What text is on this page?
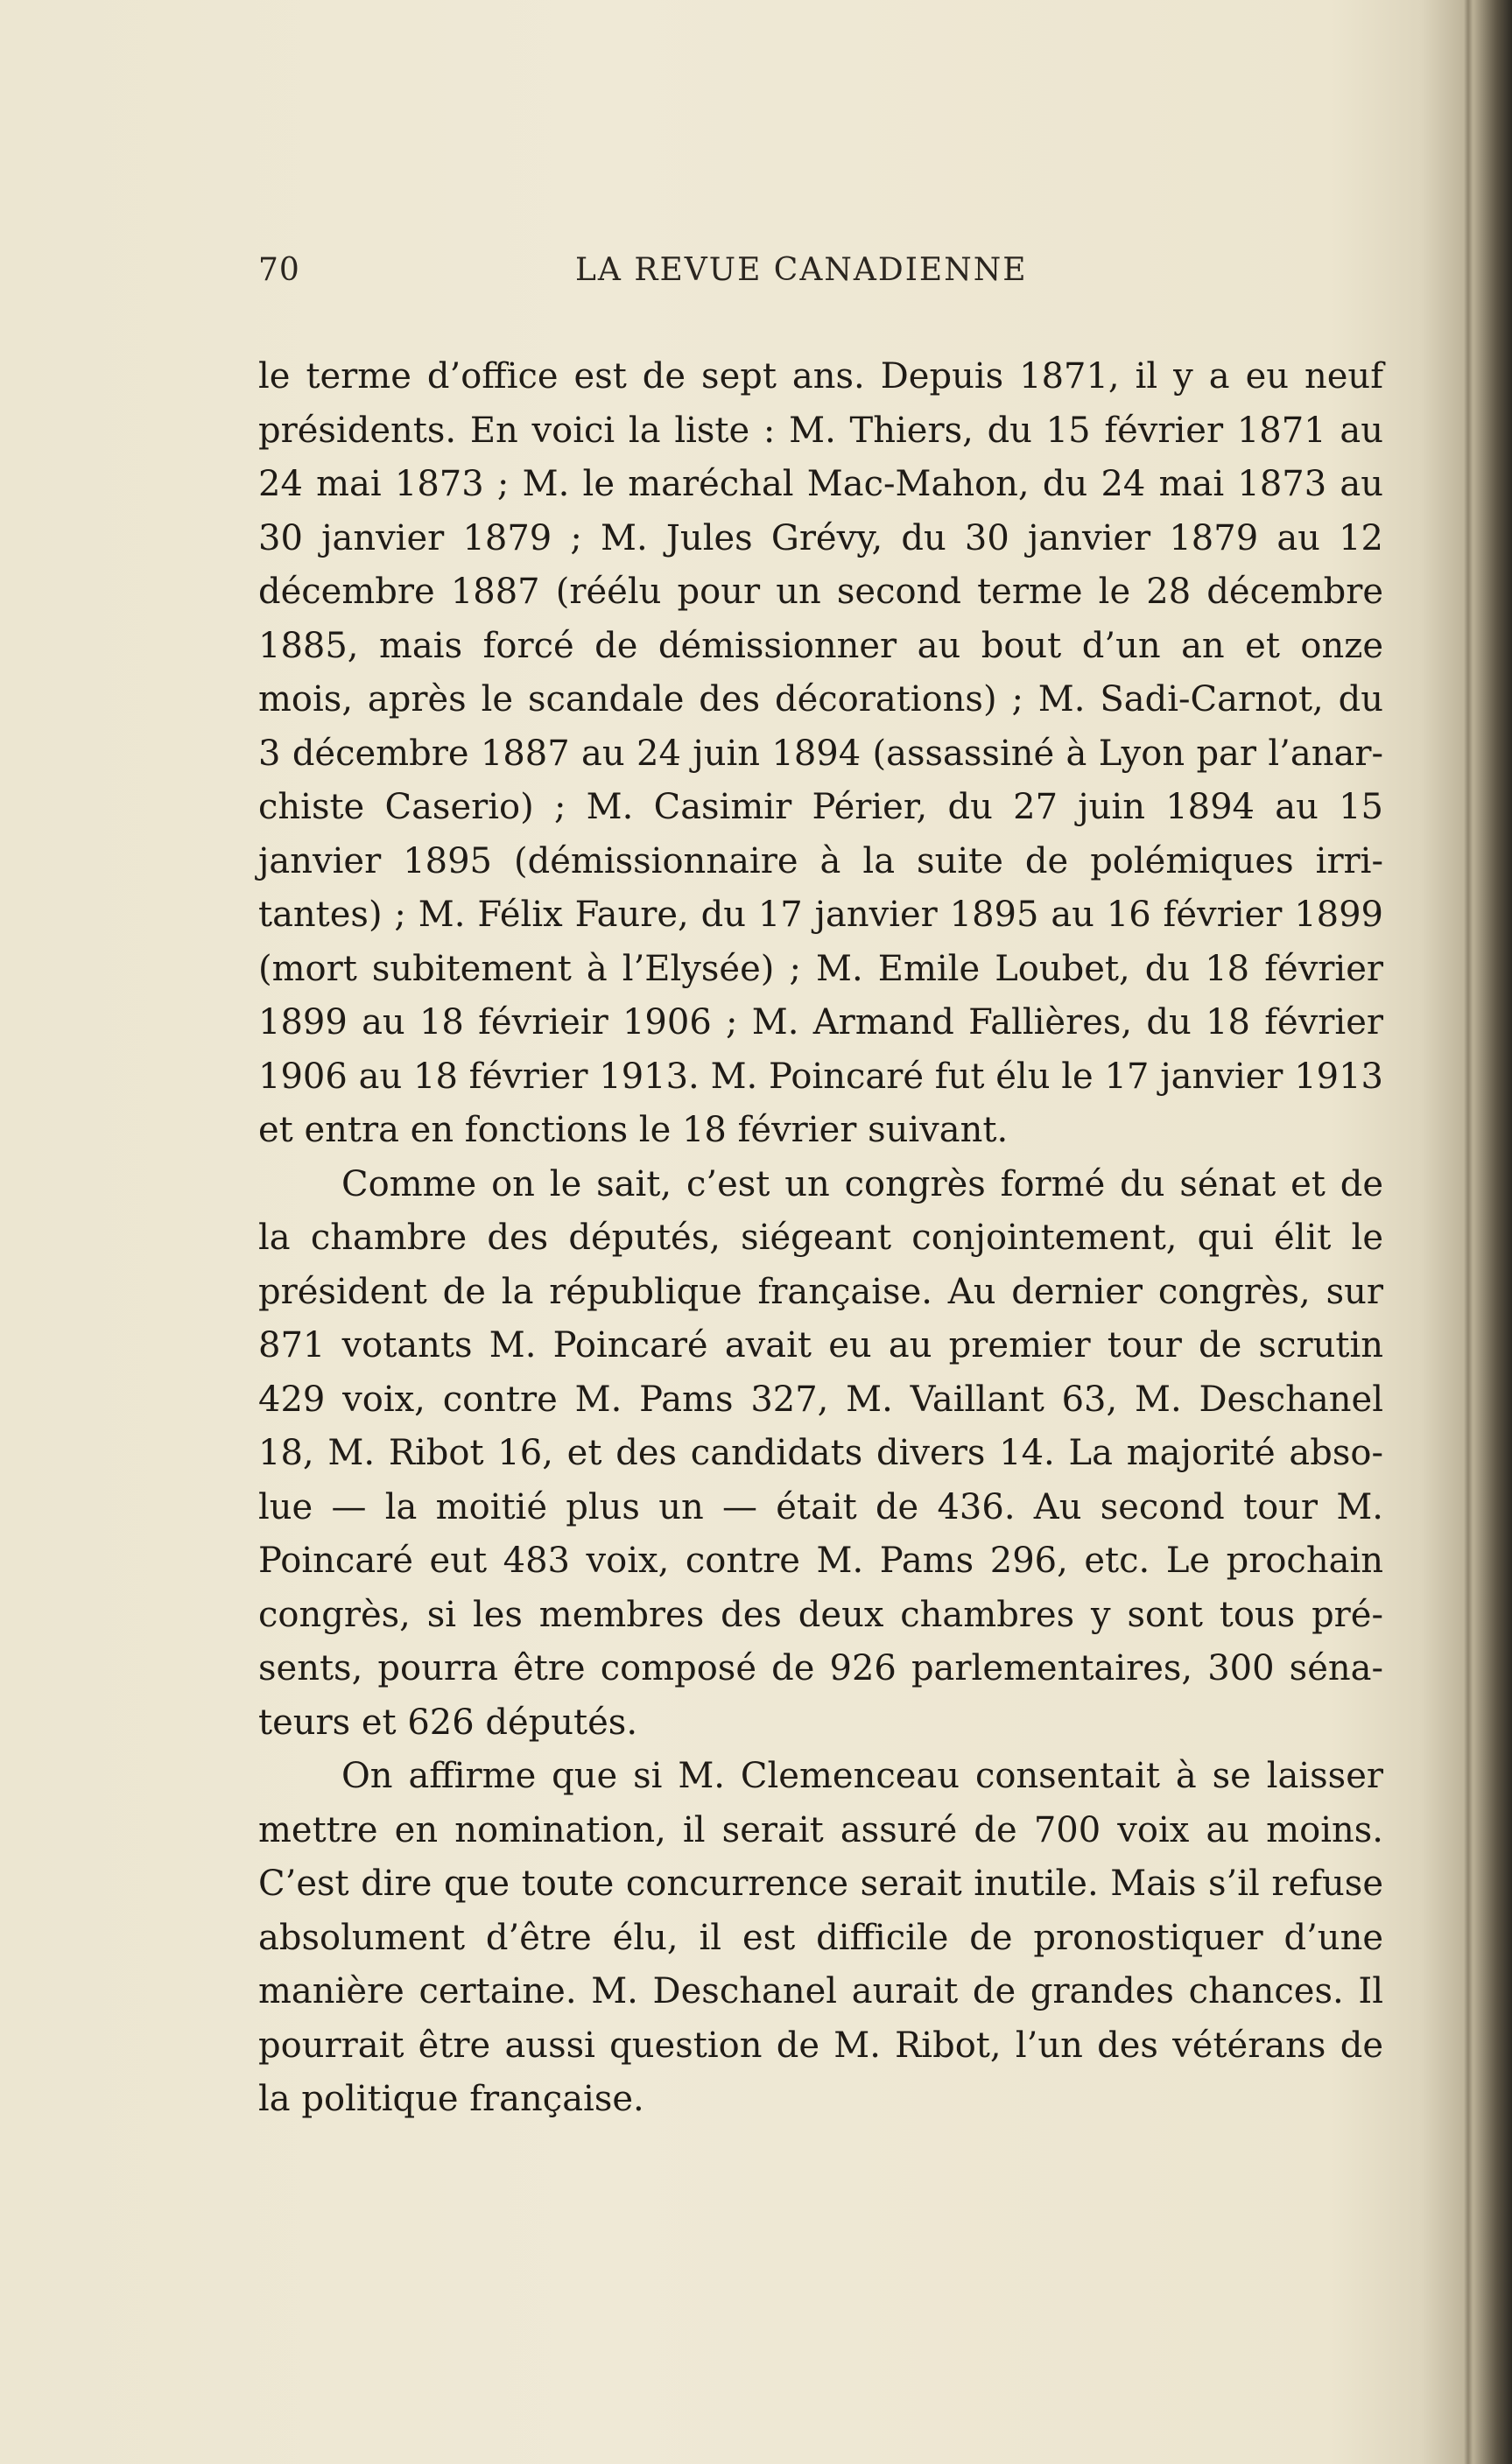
70	LA REVUE CANADIENNE

le terme d’office est de sept ans. Depuis 1871, il y a eu neuf présidents. En voici la liste : M. Thiers, du 15 février 1871 au 24 mai 1873 ; M. le maréchal Mac-Mahon, du 24 mai 1873 au 30 janvier 1879 ; M. Jules Grévy, du 30 janvier 1879 au 12 décembre 1887 (réélu pour un second terme le 28 décembre 1885, mais forcé de démissionner au bout d’un an et onze mois, après le scandale des décorations) ; M. Sadi-Carnot, du 3 décembre 1887 au 24 juin 1894 (assassiné à Lyon par l’anarchiste Caserio) ; M. Casimir Périer, du 27 juin 1894 au 15 janvier 1895 (démissionnaire à la suite de polémiques irritantes) ; M. Félix Faure, du 17 janvier 1895 au 16 février 1899 (mort subitement à l’Elysée) ; M. Emile Loubet, du 18 février 1899 au 18 févrieir 1906 ; M. Armand Fallières, du 18 février 1906 au 18 février 1913. M. Poincaré fut élu le 17 janvier 1913 et entra en fonctions le 18 février suivant.

Comme on le sait, c’est un congrès formé du sénat et de la chambre des députés, siégeant conjointement, qui élit le président de la république française. Au dernier congrès, sur 871 votants M. Poincaré avait eu au premier tour de scrutin 429 voix, contre M. Pams 327, M. Vaillant 63, M. Deschanel 18, M. Ribot 16, et des candidats divers 14. La majorité absolue — la moitié plus un — était de 436. Au second tour M. Poincaré eut 483 voix, contre M. Pams 296, etc. Le prochain congrès, si les membres des deux chambres y sont tous présents, pourra être composé de 926 parlementaires, 300 sénateurs et 626 députés.

On affirme que si M. Clemenceau consentait à se laisser mettre en nomination, il serait assuré de 700 voix au moins. C’est dire que toute concurrence serait inutile. Mais s’il refuse absolument d’être élu, il est difficile de pronostiquer d’une manière certaine. M. Deschanel aurait de grandes chances. Il pourrait être aussi question de M. Ribot, l’un des vétérans de la politique française.
